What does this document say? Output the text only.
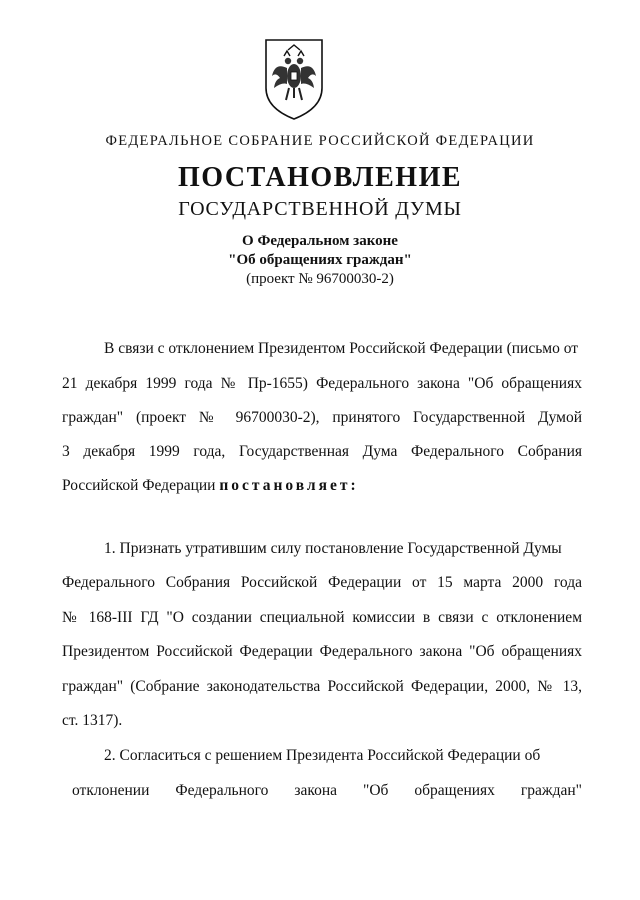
ФЕДЕРАЛЬНОЕ СОБРАНИЕ РОССИЙСКОЙ ФЕДЕРАЦИИ
ПОСТАНОВЛЕНИЕ
ГОСУДАРСТВЕННОЙ ДУМЫ
О Федеральном законе
"Об обращениях граждан"
(проект № 96700030-2)
В связи с отклонением Президентом Российской Федерации (письмо от
21 декабря 1999 года № Пр-1655) Федерального закона "Об обращениях
граждан" (проект № 96700030-2), принятого Государственной Думой
3 декабря 1999 года, Государственная Дума Федерального Собрания
Российской Федерации постановляет:
1. Признать утратившим силу постановление Государственной Думы
Федерального Собрания Российской Федерации от 15 марта 2000 года
№ 168-III ГД "О создании специальной комиссии в связи с отклонением
Президентом Российской Федерации Федерального закона "Об обращениях
граждан" (Собрание законодательства Российской Федерации, 2000, № 13,
ст. 1317).
2. Согласиться с решением Президента Российской Федерации об
отклонении Федерального закона "Об обращениях граждан"
